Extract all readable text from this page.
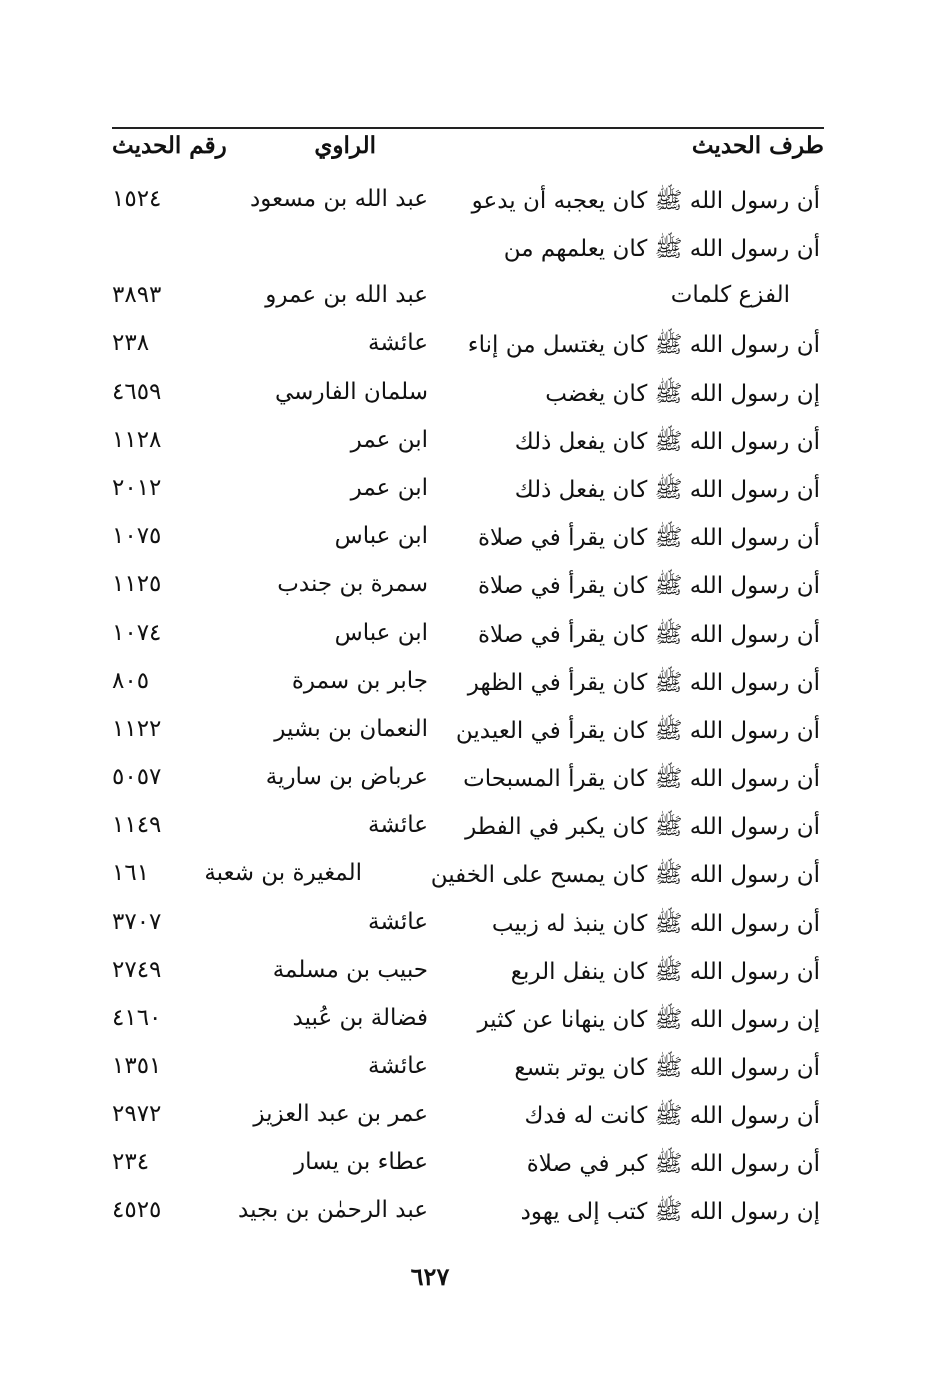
طرف الحديث
الراوي
رقم الحديث
أن رسول الله ﷺ كان يعجبه أن يدعو
عبد الله بن مسعود
١٥٢٤
أن رسول الله ﷺ كان يعلمهم من
الفزع كلمات
عبد الله بن عمرو
٣٨٩٣
أن رسول الله ﷺ كان يغتسل من إناء
عائشة
٢٣٨
إن رسول الله ﷺ كان يغضب
سلمان الفارسي
٤٦٥٩
أن رسول الله ﷺ كان يفعل ذلك
ابن عمر
١١٢٨
أن رسول الله ﷺ كان يفعل ذلك
ابن عمر
٢٠١٢
أن رسول الله ﷺ كان يقرأ في صلاة
ابن عباس
١٠٧٥
أن رسول الله ﷺ كان يقرأ في صلاة
سمرة بن جندب
١١٢٥
أن رسول الله ﷺ كان يقرأ في صلاة
ابن عباس
١٠٧٤
أن رسول الله ﷺ كان يقرأ في الظهر
جابر بن سمرة
٨٠٥
أن رسول الله ﷺ كان يقرأ في العيدين
النعمان بن بشير
١١٢٢
أن رسول الله ﷺ كان يقرأ المسبحات
عرباض بن سارية
٥٠٥٧
أن رسول الله ﷺ كان يكبر في الفطر
عائشة
١١٤٩
أن رسول الله ﷺ كان يمسح على الخفين
المغيرة بن شعبة
١٦١
أن رسول الله ﷺ كان ينبذ له زبيب
عائشة
٣٧٠٧
أن رسول الله ﷺ كان ينفل الربع
حبيب بن مسلمة
٢٧٤٩
إن رسول الله ﷺ كان ينهانا عن كثير
فضالة بن عُبيد
٤١٦٠
أن رسول الله ﷺ كان يوتر بتسع
عائشة
١٣٥١
أن رسول الله ﷺ كانت له فدك
عمر بن عبد العزيز
٢٩٧٢
أن رسول الله ﷺ كبر في صلاة
عطاء بن يسار
٢٣٤
إن رسول الله ﷺ كتب إلى يهود
عبد الرحمٰن بن بجيد
٤٥٢٥
٦٢٧
